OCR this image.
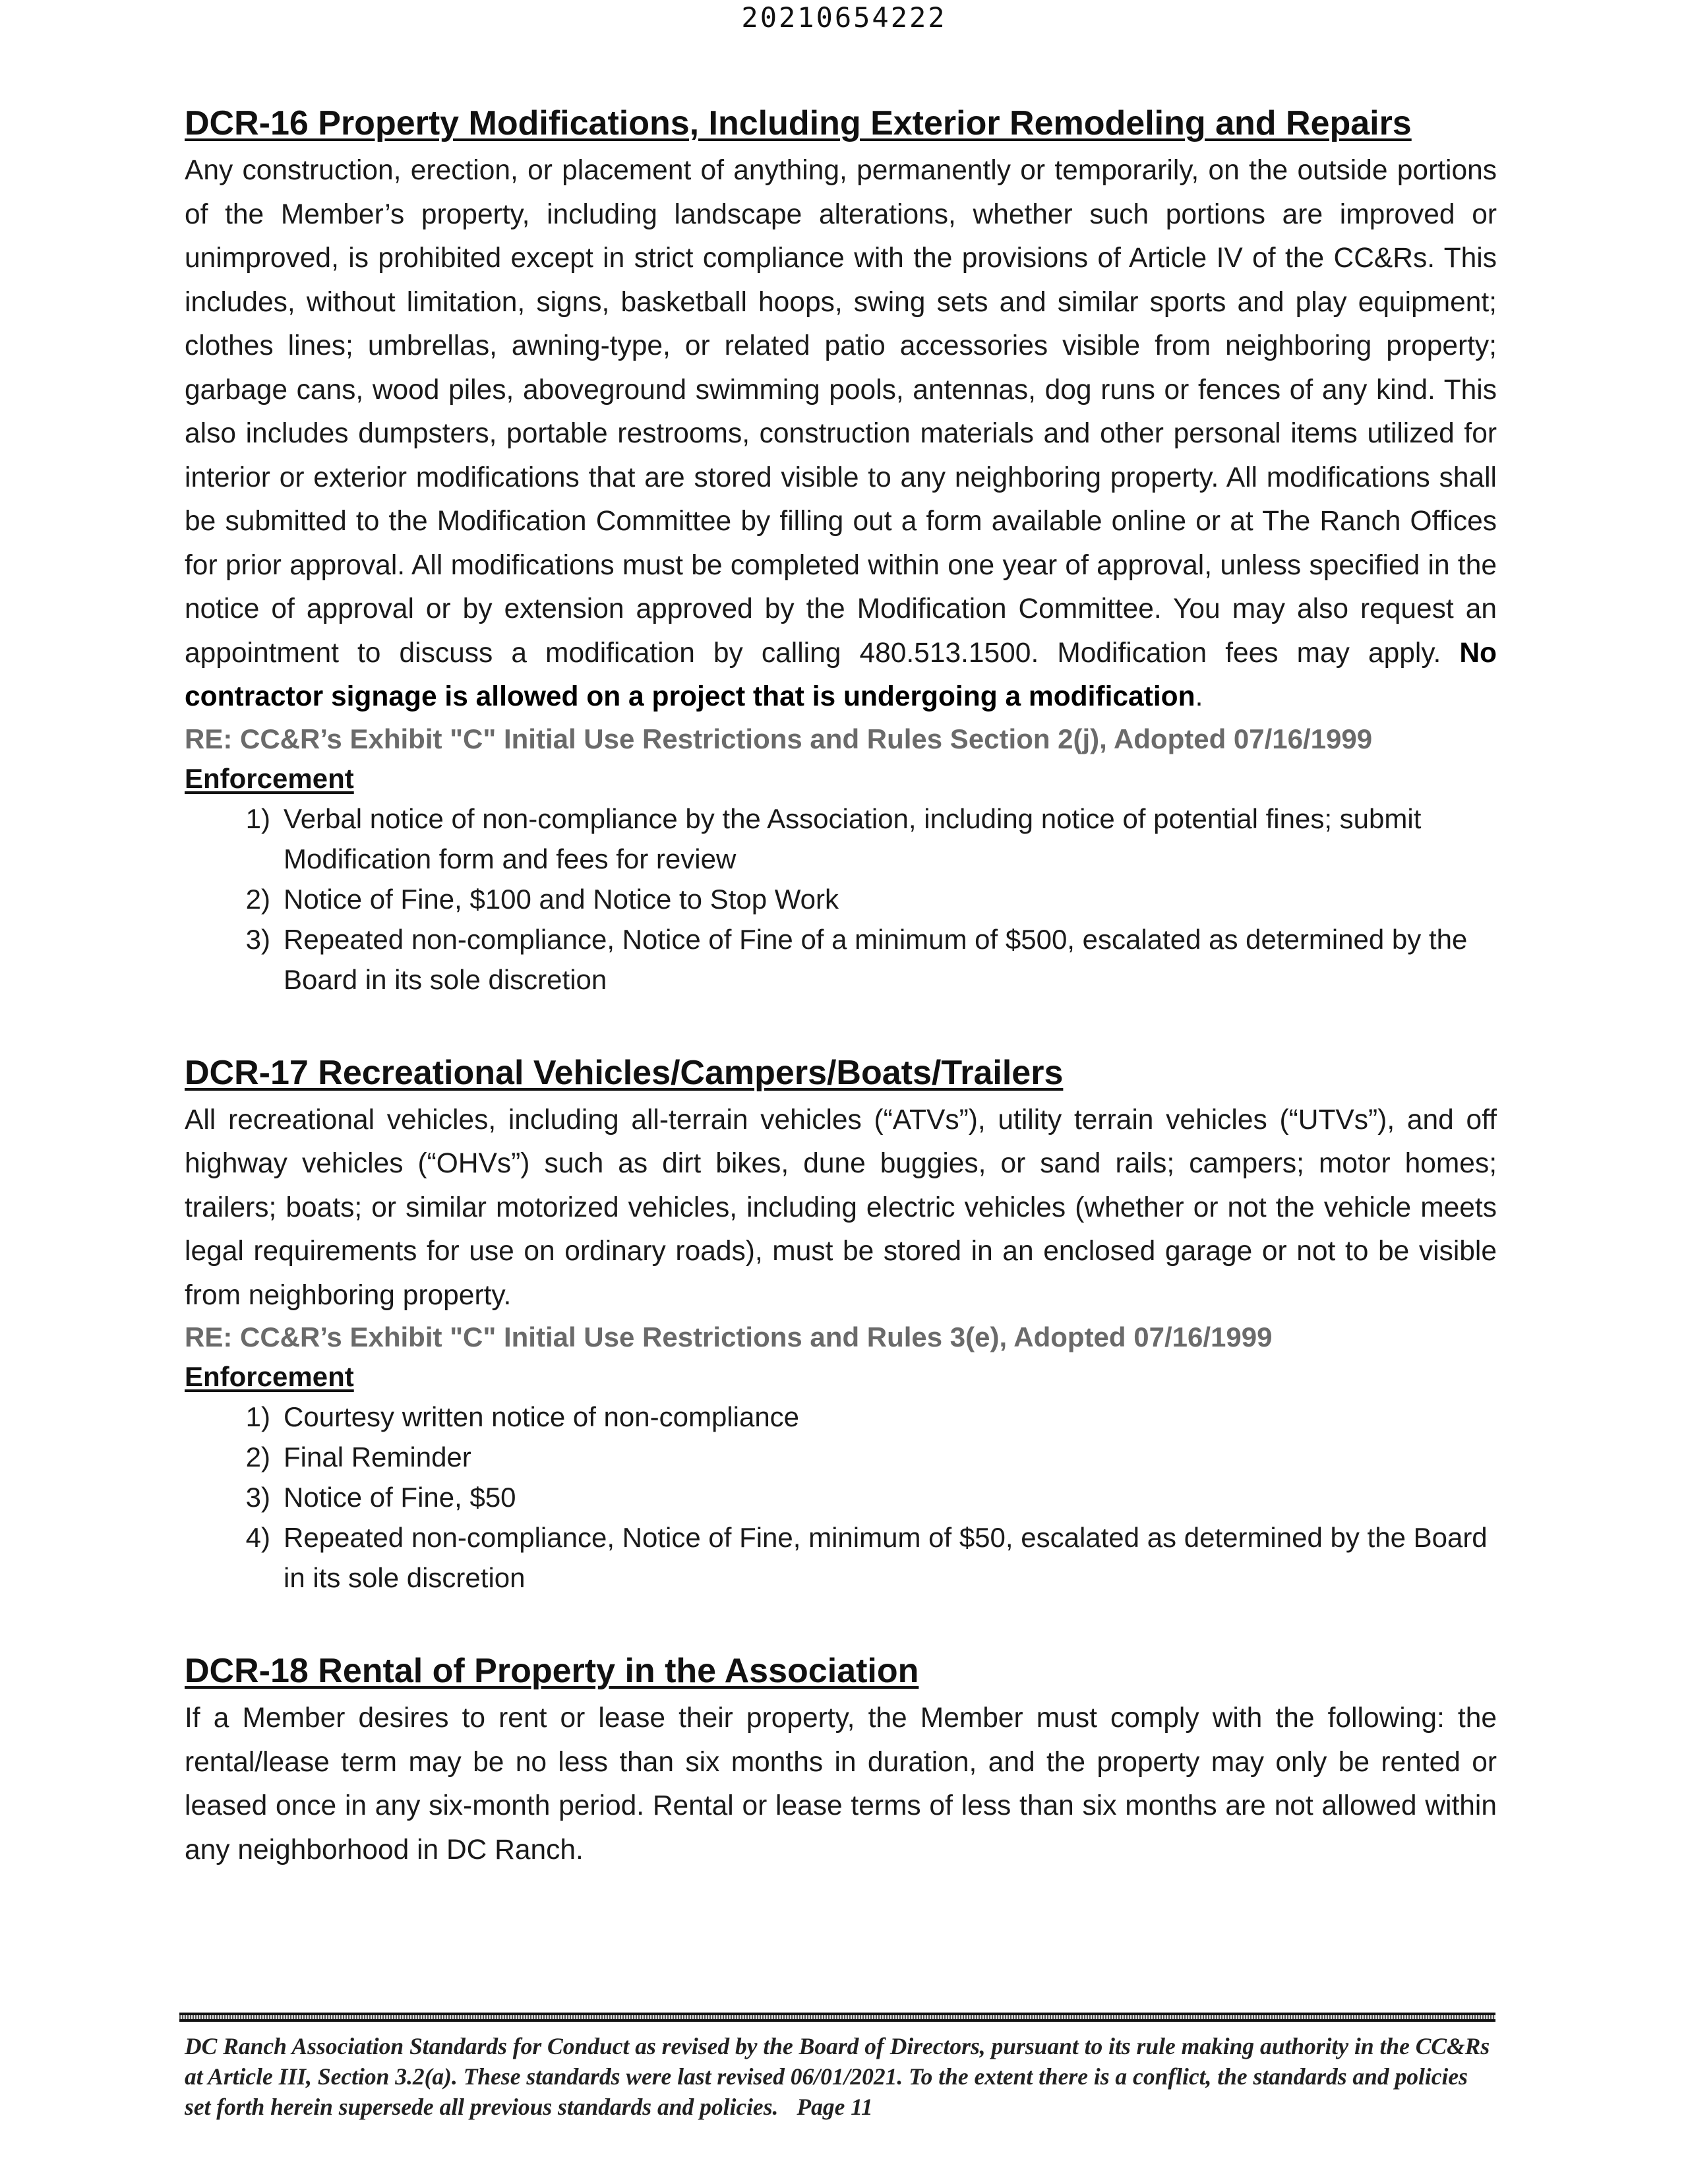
20210654222
DCR-16 Property Modifications, Including Exterior Remodeling and Repairs

Any construction, erection, or placement of anything, permanently or temporarily, on the outside portions of the Member’s property, including landscape alterations, whether such portions are improved or unimproved, is prohibited except in strict compliance with the provisions of Article IV of the CC&Rs. This includes, without limitation, signs, basketball hoops, swing sets and similar sports and play equipment; clothes lines; umbrellas, awning-type, or related patio accessories visible from neighboring property; garbage cans, wood piles, aboveground swimming pools, antennas, dog runs or fences of any kind. This also includes dumpsters, portable restrooms, construction materials and other personal items utilized for interior or exterior modifications that are stored visible to any neighboring property. All modifications shall be submitted to the Modification Committee by filling out a form available online or at The Ranch Offices for prior approval. All modifications must be completed within one year of approval, unless specified in the notice of approval or by extension approved by the Modification Committee. You may also request an appointment to discuss a modification by calling 480.513.1500. Modification fees may apply. No contractor signage is allowed on a project that is undergoing a modification.

RE: CC&R’s Exhibit "C" Initial Use Restrictions and Rules Section 2(j), Adopted 07/16/1999

Enforcement

1) Verbal notice of non-compliance by the Association, including notice of potential fines; submit Modification form and fees for review
2) Notice of Fine, $100 and Notice to Stop Work
3) Repeated non-compliance, Notice of Fine of a minimum of $500, escalated as determined by the Board in its sole discretion
DCR-17 Recreational Vehicles/Campers/Boats/Trailers

All recreational vehicles, including all-terrain vehicles (“ATVs”), utility terrain vehicles (“UTVs”), and off highway vehicles (“OHVs”) such as dirt bikes, dune buggies, or sand rails; campers; motor homes; trailers; boats; or similar motorized vehicles, including electric vehicles (whether or not the vehicle meets legal requirements for use on ordinary roads), must be stored in an enclosed garage or not to be visible from neighboring property.

RE: CC&R’s Exhibit "C" Initial Use Restrictions and Rules 3(e), Adopted 07/16/1999

Enforcement

1) Courtesy written notice of non-compliance
2) Final Reminder
3) Notice of Fine, $50
4) Repeated non-compliance, Notice of Fine, minimum of $50, escalated as determined by the Board in its sole discretion
DCR-18 Rental of Property in the Association

If a Member desires to rent or lease their property, the Member must comply with the following: the rental/lease term may be no less than six months in duration, and the property may only be rented or leased once in any six-month period. Rental or lease terms of less than six months are not allowed within any neighborhood in DC Ranch.

DC Ranch Association Standards for Conduct as revised by the Board of Directors, pursuant to its rule making authority in the CC&Rs at Article III, Section 3.2(a). These standards were last revised 06/01/2021. To the extent there is a conflict, the standards and policies set forth herein supersede all previous standards and policies. Page 11
